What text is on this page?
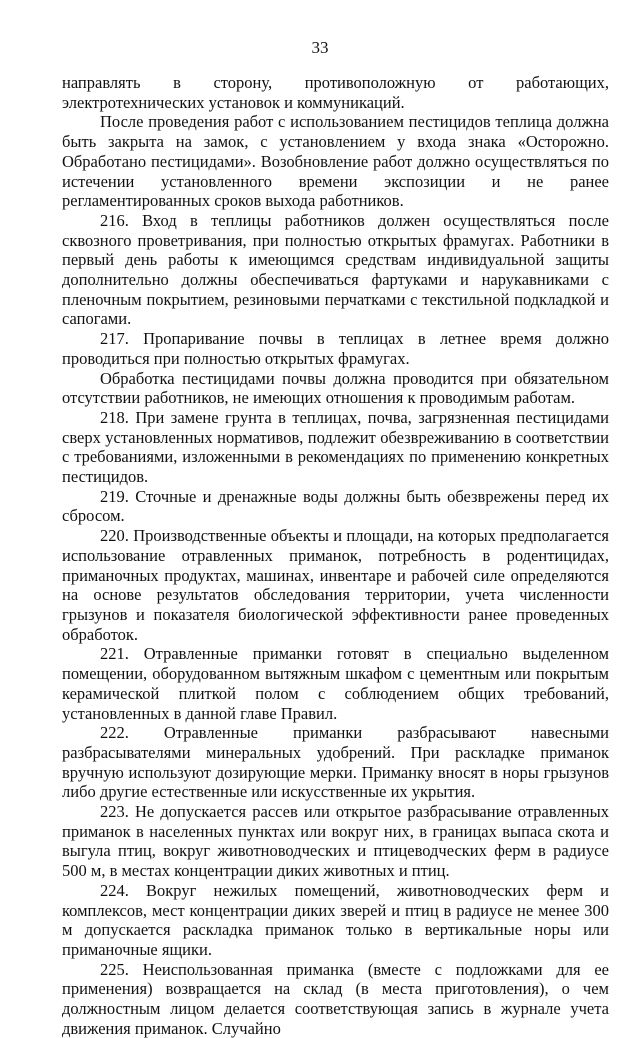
33

направлять в сторону, противоположную от работающих, электротехнических установок и коммуникаций.

После проведения работ с использованием пестицидов теплица должна быть закрыта на замок, с установлением у входа знака «Осторожно. Обработано пестицидами». Возобновление работ должно осуществляться по истечении установленного времени экспозиции и не ранее регламентированных сроков выхода работников.

216. Вход в теплицы работников должен осуществляться после сквозного проветривания, при полностью открытых фрамугах. Работники в первый день работы к имеющимся средствам индивидуальной защиты дополнительно должны обеспечиваться фартуками и нарукавниками с пленочным покрытием, резиновыми перчатками с текстильной подкладкой и сапогами.

217. Пропаривание почвы в теплицах в летнее время должно проводиться при полностью открытых фрамугах.

Обработка пестицидами почвы должна проводится при обязательном отсутствии работников, не имеющих отношения к проводимым работам.

218. При замене грунта в теплицах, почва, загрязненная пестицидами сверх установленных нормативов, подлежит обезвреживанию в соответствии с требованиями, изложенными в рекомендациях по применению конкретных пестицидов.

219. Сточные и дренажные воды должны быть обезврежены перед их сбросом.

220. Производственные объекты и площади, на которых предполагается использование отравленных приманок, потребность в родентицидах, приманочных продуктах, машинах, инвентаре и рабочей силе определяются на основе результатов обследования территории, учета численности грызунов и показателя биологической эффективности ранее проведенных обработок.

221. Отравленные приманки готовят в специально выделенном помещении, оборудованном вытяжным шкафом с цементным или покрытым керамической плиткой полом с соблюдением общих требований, установленных в данной главе Правил.

222. Отравленные приманки разбрасывают навесными разбрасывателями минеральных удобрений. При раскладке приманок вручную используют дозирующие мерки. Приманку вносят в норы грызунов либо другие естественные или искусственные их укрытия.

223. Не допускается рассев или открытое разбрасывание отравленных приманок в населенных пунктах или вокруг них, в границах выпаса скота и выгула птиц, вокруг животноводческих и птицеводческих ферм в радиусе 500 м, в местах концентрации диких животных и птиц.

224. Вокруг нежилых помещений, животноводческих ферм и комплексов, мест концентрации диких зверей и птиц в радиусе не менее 300 м допускается раскладка приманок только в вертикальные норы или приманочные ящики.

225. Неиспользованная приманка (вместе с подложками для ее применения) возвращается на склад (в места приготовления), о чем должностным лицом делается соответствующая запись в журнале учета движения приманок. Случайно
